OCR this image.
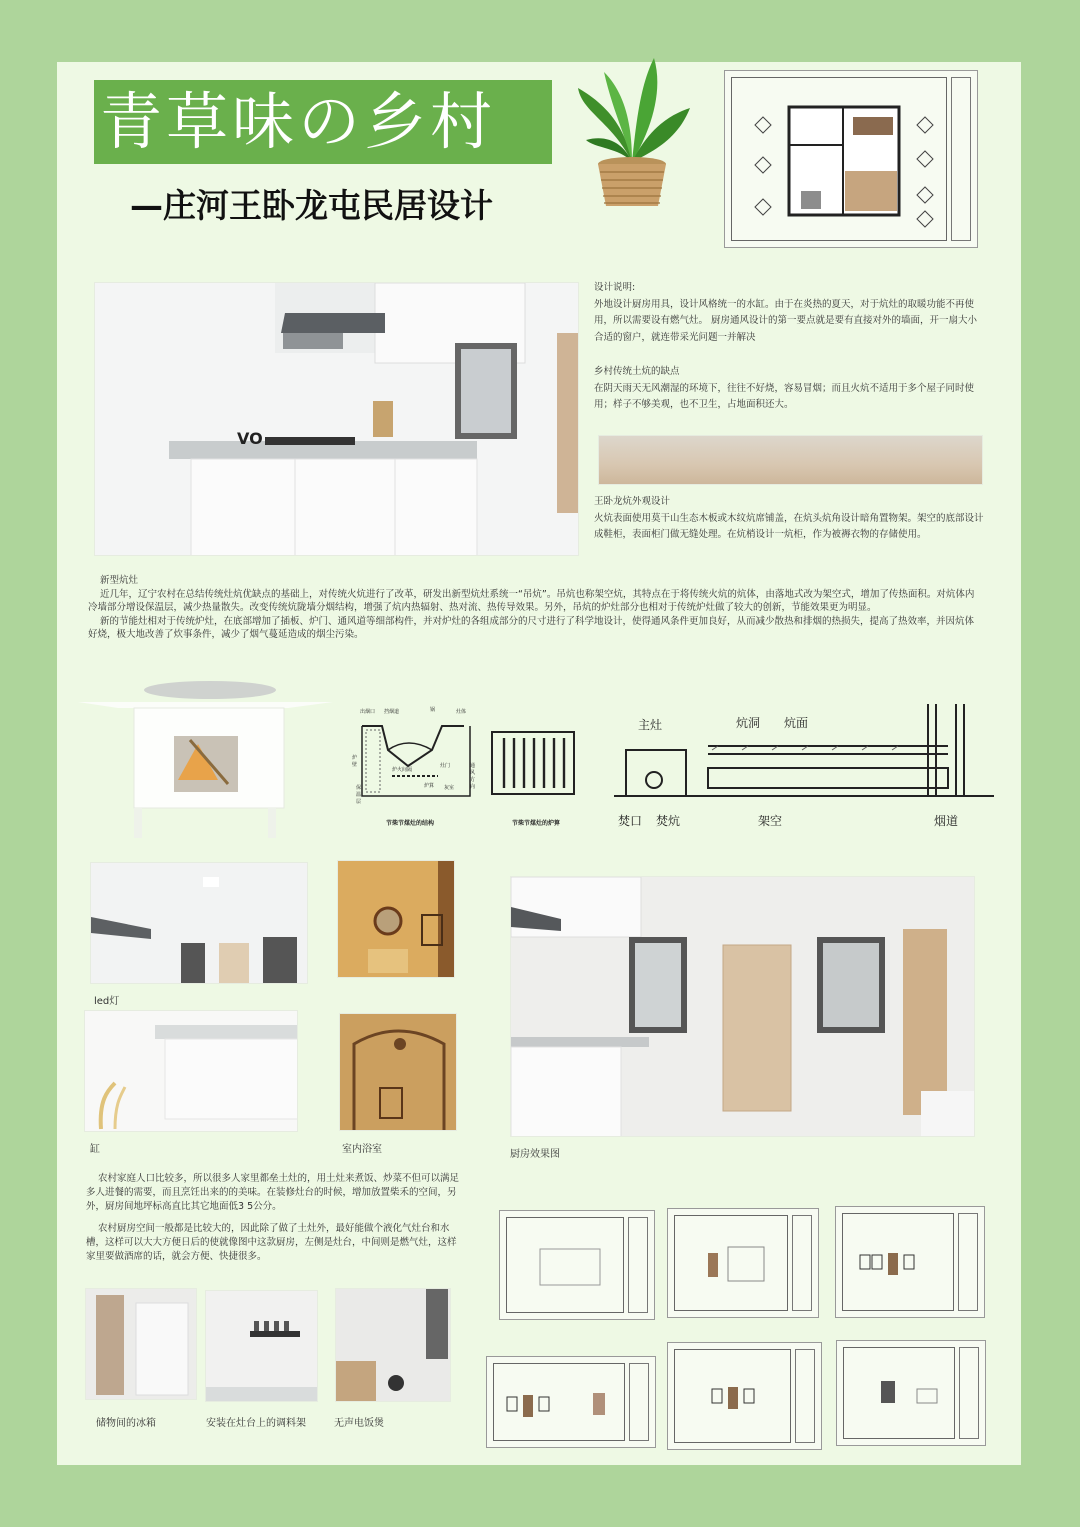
青草味の乡村
—庄河王卧龙屯民居设计
VO

设计说明:

外地设计厨房用具，设计风格统一的水缸。由于在炎热的夏天，对于炕灶的取暖功能不再使用，所以需要设有燃气灶。 厨房通风设计的第一要点就是要有直接对外的墙面，开一扇大小合适的窗户，就连带采光问题一并解决

乡村传统土炕的缺点

在阴天雨天无风潮湿的环境下，往往不好烧，容易冒烟；而且火炕不适用于多个屋子同时使用；样子不够美观，也不卫生，占地面积还大。

王卧龙炕外观设计

火炕表面使用莫干山生态木板或木纹炕席铺盖，在炕头炕角设计暗角置物架。架空的底部设计成鞋柜，表面柜门做无缝处理。在炕梢设计一炕柜，作为被褥衣物的存储使用。

新型炕灶

近几年，辽宁农村在总结传统灶炕优缺点的基础上，对传统火炕进行了改革，研发出新型炕灶系统一“吊炕”。吊炕也称架空炕，其特点在于将传统火炕的炕体，由落地式改为架空式，增加了传热面积。对炕体内冷墙部分增设保温层，减少热量散失。改变传统炕陇墙分烟结构，增强了炕内热辐射、热对流、热传导效果。另外，吊炕的炉灶部分也相对于传统炉灶做了较大的创新，节能效果更为明显。

新的节能灶相对于传统炉灶，在底部增加了插板、炉门、通风道等细部构件，并对炉灶的各组成部分的尺寸进行了科学地设计，使得通风条件更加良好，从而减少散热和排烟的热损失，提高了热效率，并因炕体好烧，极大地改善了炊事条件，减少了烟气蔓延造成的烟尘污染。

出烟口 挡烟道	锅	灶体
炉壁
保温层
炉火间隔
灶门
灰室
炉算
通风方向
节柴节煤灶的结构	节柴节煤灶的炉箅
主灶	炕洞 炕面
焚口 焚炕	架空	烟道
led灯
缸	室内浴室	厨房效果图

农村家庭人口比较多，所以很多人家里都垒土灶的，用土灶来煮饭、炒菜不但可以满足多人进餐的需要，而且烹饪出来的的美味。在装修灶台的时候，增加放置柴禾的空间，另外，厨房间地坪标高直比其它地面低3 5公分。

农村厨房空间一般都是比较大的，因此除了做了土灶外，最好能做个液化气灶台和水槽，这样可以大大方便日后的使就像图中这款厨房，左侧是灶台，中间则是燃气灶，这样家里要做酒席的话，就会方便、快捷很多。

储物间的冰箱	安装在灶台上的调料架	无声电饭煲
